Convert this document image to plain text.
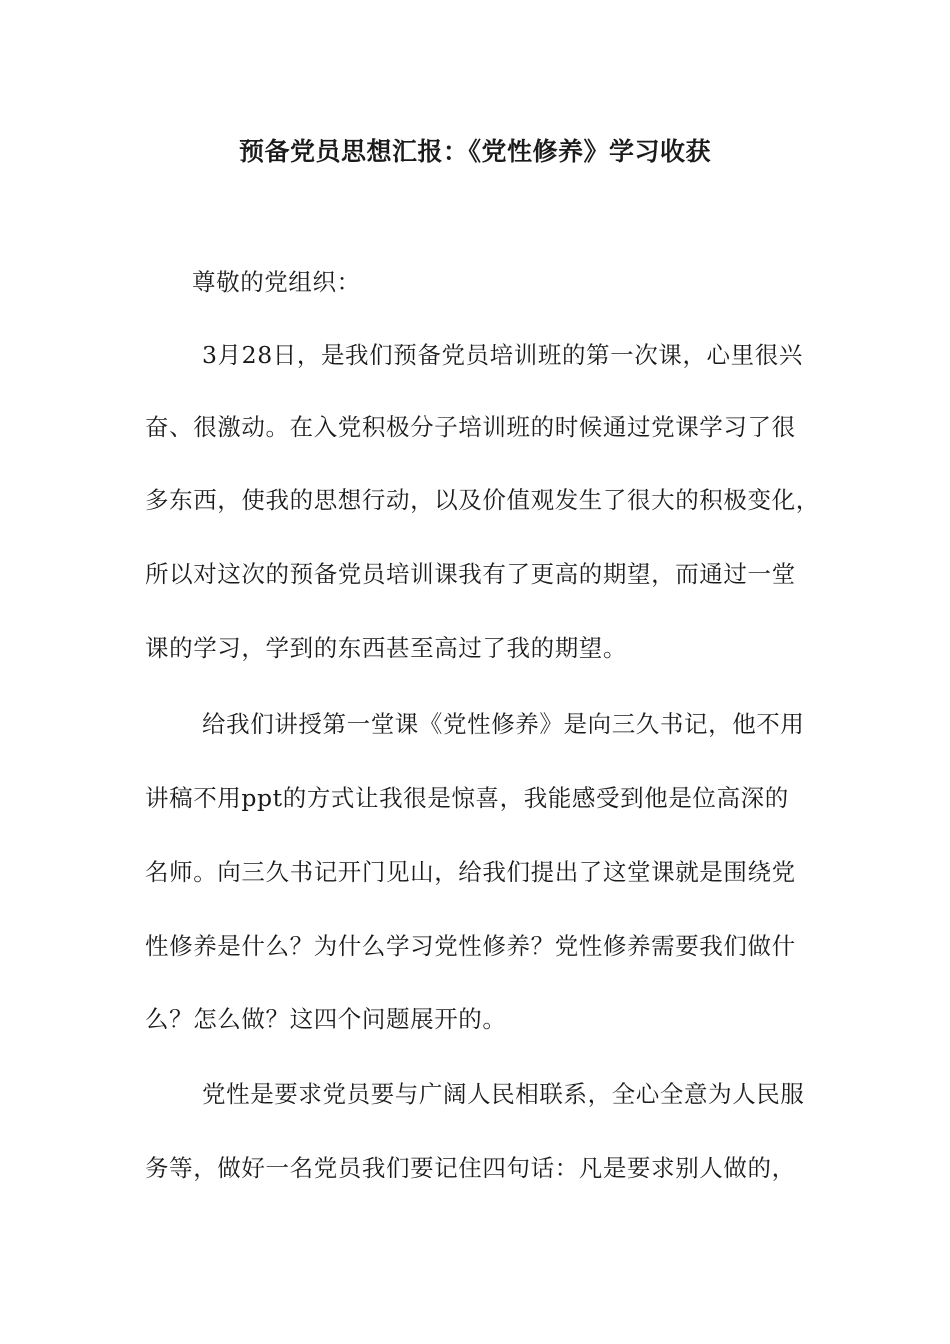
预备党员思想汇报：《党性修养》学习收获

尊敬的党组织：

3月28日，是我们预备党员培训班的第一次课，心里很兴

奋、很激动。在入党积极分子培训班的时候通过党课学习了很

多东西，使我的思想行动，以及价值观发生了很大的积极变化，

所以对这次的预备党员培训课我有了更高的期望，而通过一堂

课的学习，学到的东西甚至高过了我的期望。

给我们讲授第一堂课《党性修养》是向三久书记，他不用

讲稿不用ppt的方式让我很是惊喜，我能感受到他是位高深的

名师。向三久书记开门见山，给我们提出了这堂课就是围绕党

性修养是什么？为什么学习党性修养？党性修养需要我们做什

么？怎么做？这四个问题展开的。

党性是要求党员要与广阔人民相联系，全心全意为人民服

务等，做好一名党员我们要记住四句话：凡是要求别人做的，
